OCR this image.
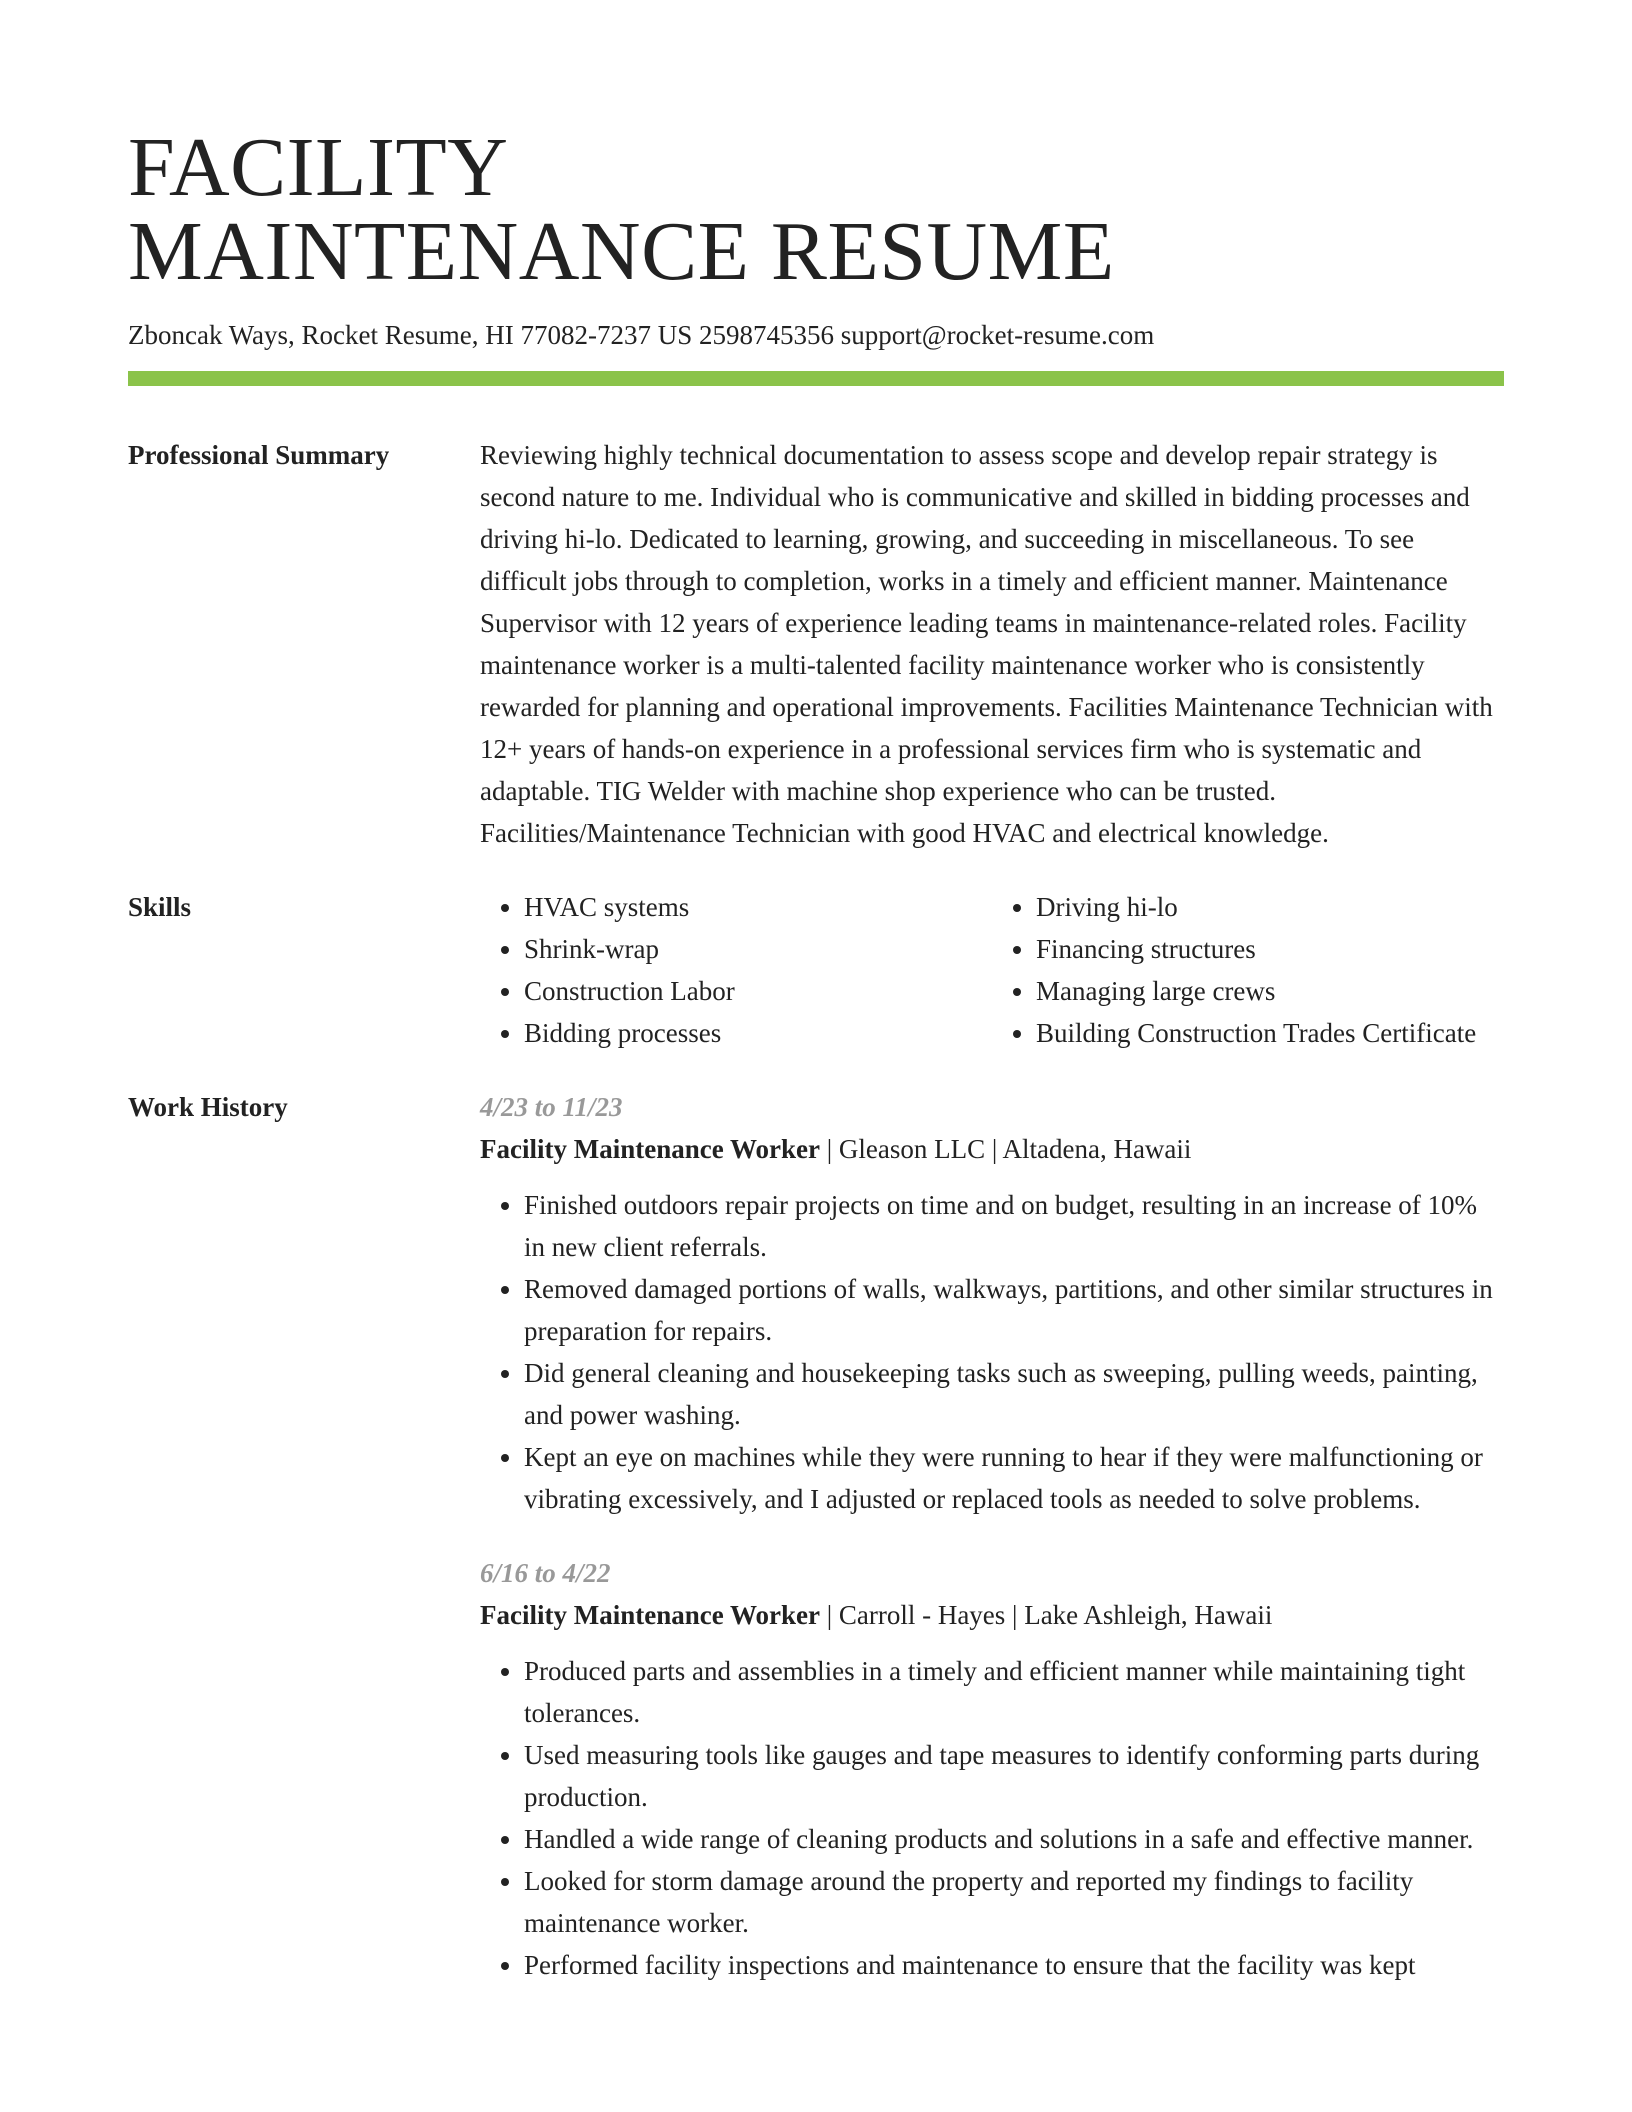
FACILITY
MAINTENANCE RESUME
Zboncak Ways, Rocket Resume, HI 77082-7237 US 2598745356 support@rocket-resume.com
Professional Summary	Reviewing highly technical documentation to assess scope and develop repair strategy is second nature to me. Individual who is communicative and skilled in bidding processes and driving hi-lo. Dedicated to learning, growing, and succeeding in miscellaneous. To see difficult jobs through to completion, works in a timely and efficient manner. Maintenance Supervisor with 12 years of experience leading teams in maintenance-related roles. Facility maintenance worker is a multi-talented facility maintenance worker who is consistently rewarded for planning and operational improvements. Facilities Maintenance Technician with 12+ years of hands-on experience in a professional services firm who is systematic and adaptable. TIG Welder with machine shop experience who can be trusted. Facilities/Maintenance Technician with good HVAC and electrical knowledge.
Skills
•	HVAC systems
• Shrink-wrap
• Construction Labor
• Bidding processes
• Driving hi-lo
• Financing structures
• Managing large crews
• Building Construction Trades Certificate
Work History	4/23 to 11/23
Facility Maintenance Worker | Gleason LLC | Altadena, Hawaii
• Finished outdoors repair projects on time and on budget, resulting in an increase of 10% in new client referrals.
• Removed damaged portions of walls, walkways, partitions, and other similar structures in preparation for repairs.
• Did general cleaning and housekeeping tasks such as sweeping, pulling weeds, painting, and power washing.
• Kept an eye on machines while they were running to hear if they were malfunctioning or vibrating excessively, and I adjusted or replaced tools as needed to solve problems.
6/16 to 4/22
Facility Maintenance Worker | Carroll - Hayes | Lake Ashleigh, Hawaii
• Produced parts and assemblies in a timely and efficient manner while maintaining tight tolerances.
• Used measuring tools like gauges and tape measures to identify conforming parts during production.
• Handled a wide range of cleaning products and solutions in a safe and effective manner.
• Looked for storm damage around the property and reported my findings to facility maintenance worker.
• Performed facility inspections and maintenance to ensure that the facility was kept
